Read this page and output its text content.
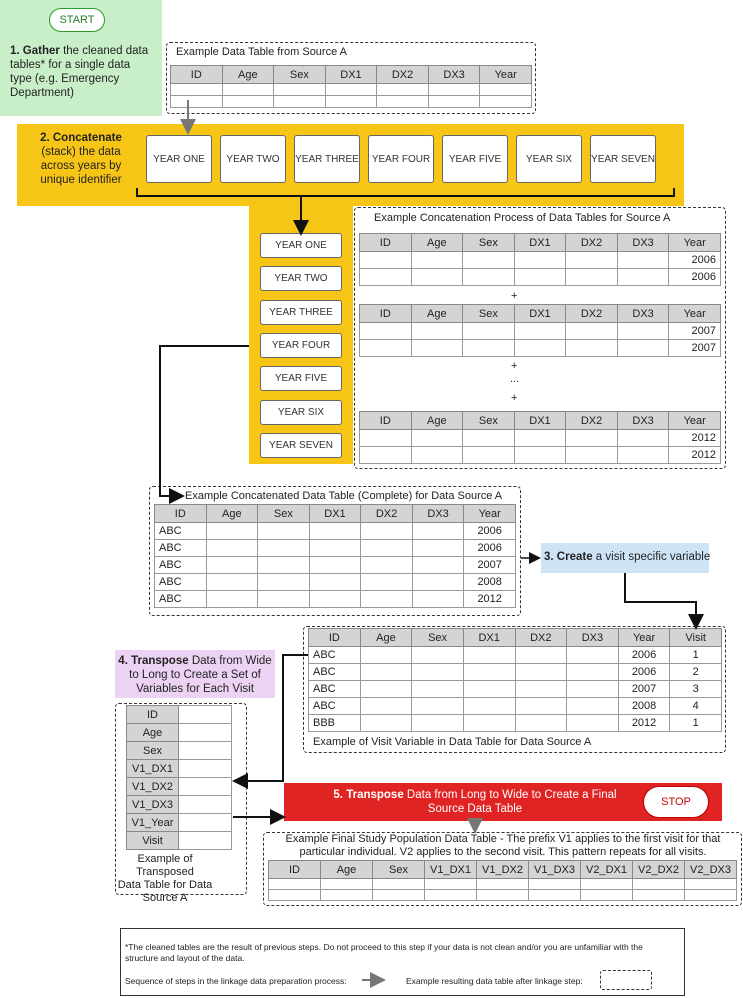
START
1. Gather the cleaned data
tables* for a single data
type (e.g. Emergency
Department)
Example Data Table from Source A
ID	Age	Sex	DX1	DX2	DX3	Year

2. Concatenate
(stack) the data
across years by
unique identifier
YEAR ONE	YEAR TWO	YEAR THREE	YEAR FOUR	YEAR FIVE	YEAR SIX	YEAR SEVEN
YEAR ONE
YEAR TWO
YEAR THREE
YEAR FOUR
YEAR FIVE
YEAR SIX
YEAR SEVEN
Example Concatenation Process of Data Tables for Source A
ID	Age	Sex	DX1	DX2	DX3	Year
						2006
						2006
+
ID	Age	Sex	DX1	DX2	DX3	Year
						2007
						2007
+
...
+
ID	Age	Sex	DX1	DX2	DX3	Year
						2012
						2012
Example Concatenated Data Table (Complete) for Data Source A
ID	Age	Sex	DX1	DX2	DX3	Year
ABC						2006
ABC						2006
ABC						2007
ABC						2008
ABC						2012
3. Create a visit specific variable
ID	Age	Sex	DX1	DX2	DX3	Year	Visit
ABC						2006	1
ABC						2006	2
ABC						2007	3
ABC						2008	4
BBB						2012	1
Example of Visit Variable in Data Table for Data Source A
4. Transpose Data from Wide
to Long to Create a Set of
Variables for Each Visit
ID	
Age	
Sex	
V1_DX1	
V1_DX2	
V1_DX3	
V1_Year	
Visit	
Example of Transposed
Data Table for Data
Source A
5. Transpose Data from Long to Wide to Create a Final
Source Data Table
STOP
Example Final Study Population Data Table - The prefix V1 applies to the first visit for that
particular individual. V2 applies to the second visit. This pattern repeats for all visits.
ID	Age	Sex	V1_DX1	V1_DX2	V1_DX3	V2_DX1	V2_DX2	V2_DX3

*The cleaned tables are the result of previous steps. Do not proceed to this step if your data is not clean and/or you are unfamiliar with the
structure and layout of the data.
Sequence of steps in the linkage data preparation process:	Example resulting data table after linkage step:
